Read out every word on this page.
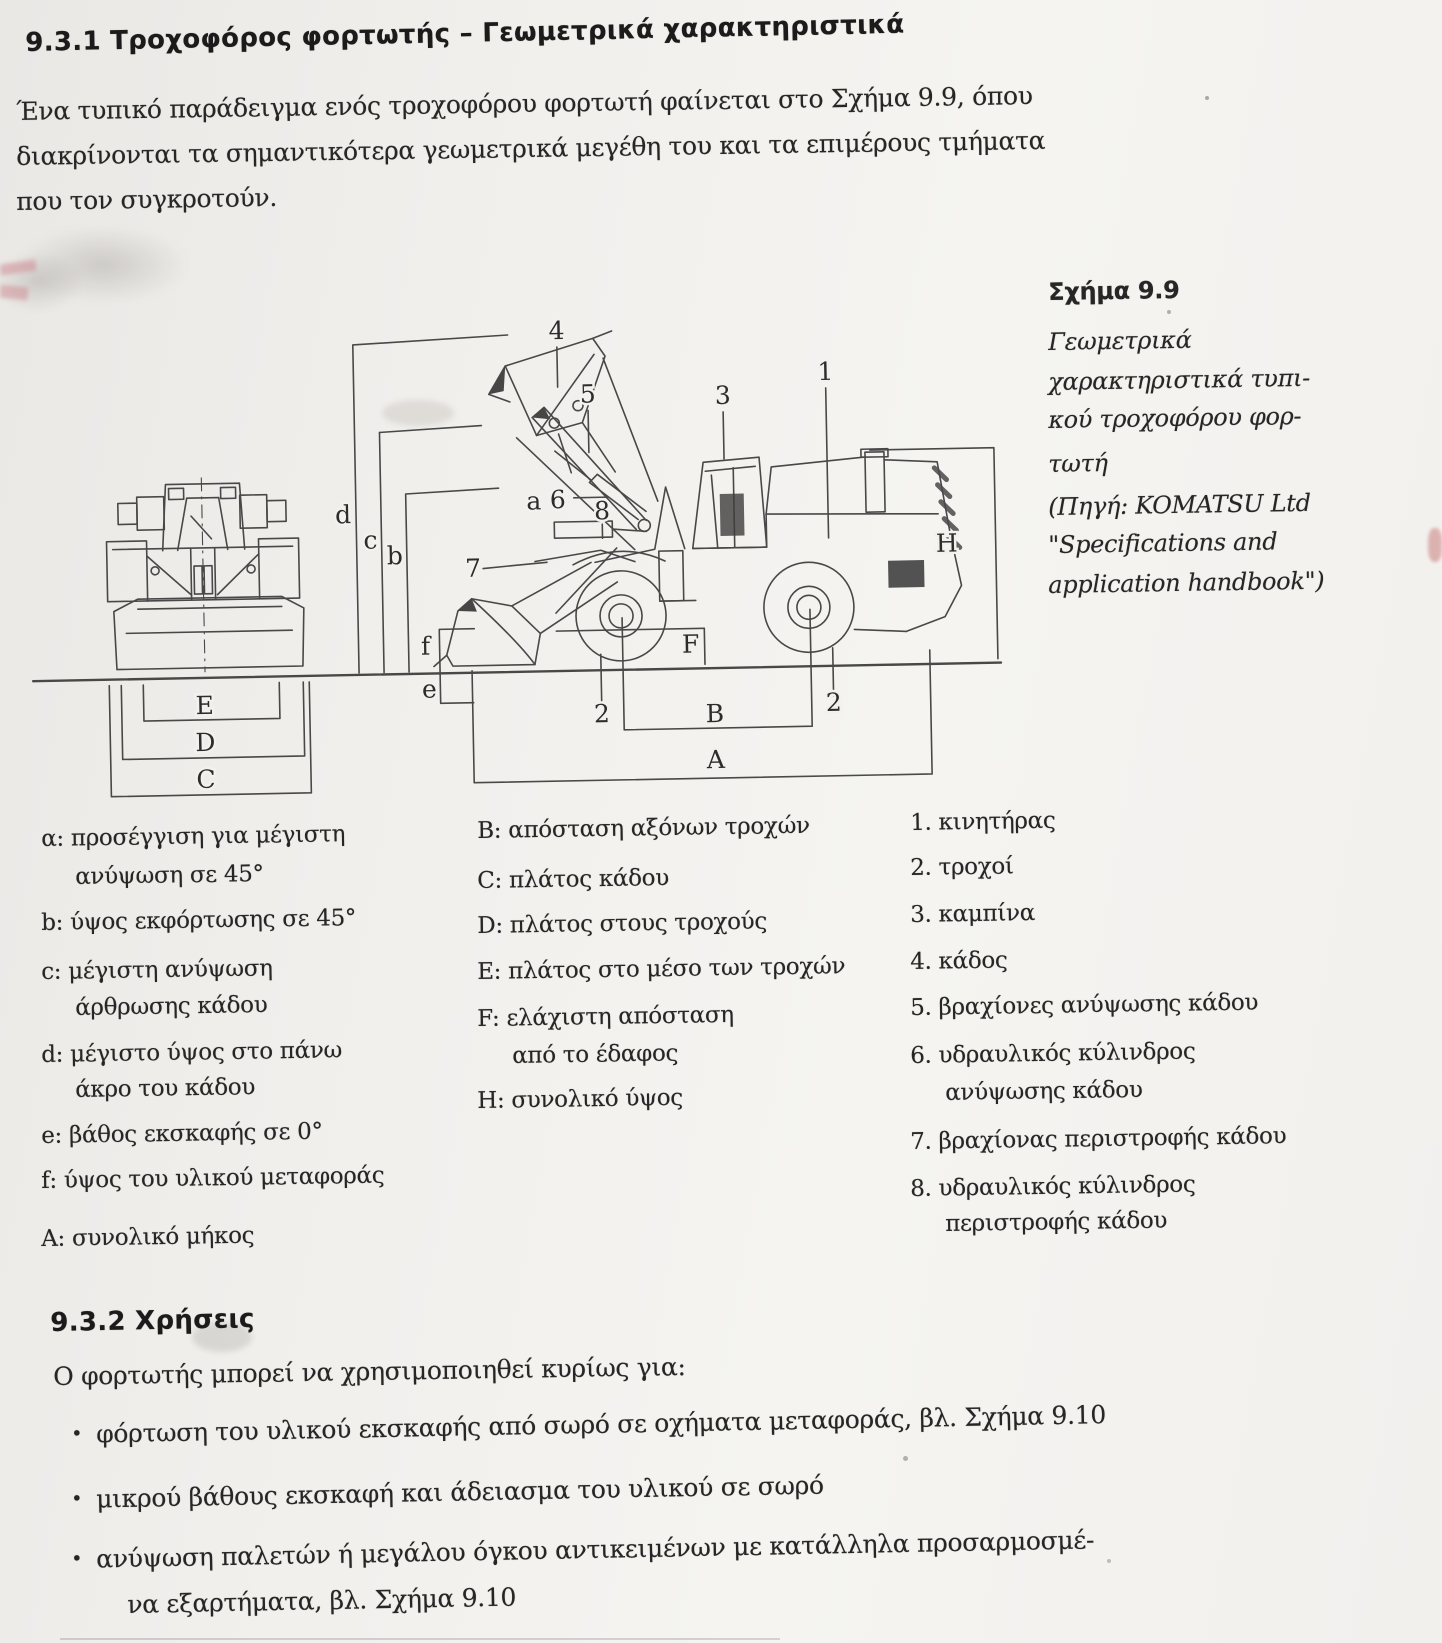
9.3.1 Τροχοφόρος φορτωτής – Γεωμετρικά χαρακτηριστικά
Ένα τυπικό παράδειγμα ενός τροχοφόρου φορτωτή φαίνεται στο Σχήμα 9.9, όπου
διακρίνονται τα σημαντικότερα γεωμετρικά μεγέθη του και τα επιμέρους τμήματα
που τον συγκροτούν.
Σχήμα 9.9
Γεωμετρικά
χαρακτηριστικά τυπι-
κού τροχοφόρου φορ-
τωτή
(Πηγή: KOMATSU Ltd
"Specifications and
application handbook")
4
5	3
1
a 6 8
7
H
d
c
b
f
e
F
2	B	2
A
E
D
C
α: προσέγγιση για μέγιστη
ανύψωση σε 45°
b: ύψος εκφόρτωσης σε 45°
c: μέγιστη ανύψωση
άρθρωσης κάδου
d: μέγιστο ύψος στο πάνω
άκρο του κάδου
e: βάθος εκσκαφής σε 0°
f: ύψος του υλικού μεταφοράς
A: συνολικό μήκος
B: απόσταση αξόνων τροχών
C: πλάτος κάδου
D: πλάτος στους τροχούς
E: πλάτος στο μέσο των τροχών
F: ελάχιστη απόσταση
από το έδαφος
H: συνολικό ύψος
1. κινητήρας
2. τροχοί
3. καμπίνα
4. κάδος
5. βραχίονες ανύψωσης κάδου
6. υδραυλικός κύλινδρος
ανύψωσης κάδου
7. βραχίονας περιστροφής κάδου
8. υδραυλικός κύλινδρος
περιστροφής κάδου
9.3.2 Χρήσεις
Ο φορτωτής μπορεί να χρησιμοποιηθεί κυρίως για:
• φόρτωση του υλικού εκσκαφής από σωρό σε οχήματα μεταφοράς, βλ. Σχήμα 9.10
• μικρού βάθους εκσκαφή και άδειασμα του υλικού σε σωρό
• ανύψωση παλετών ή μεγάλου όγκου αντικειμένων με κατάλληλα προσαρμοσμέ-
να εξαρτήματα, βλ. Σχήμα 9.10
